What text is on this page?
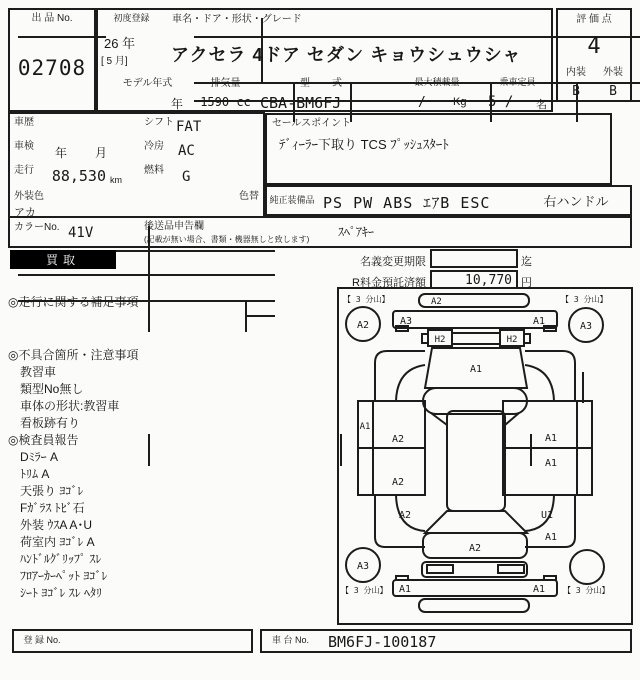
出 品 No.
02708
初度登録	車名・ドア・形状・グレード
26 年
[ 5 月] アクセラ 4ドア セダン キョウシュウシャ
モデル年式	排気量	型　式	最大積載量	乗車定員
年 1590 cc CBA-BM6FJ	/ Kg 5 / 名
評 価 点
4
内装	外装
B	B
車歴	シフト FAT
車検 年　月	冷房 AC
走行	88,530 km
燃料 G
外装色
アカ
色替
セールスポイント
ﾃﾞｨｰﾗｰ下取り TCS ﾌﾟｯｼｭｽﾀｰﾄ
純正装備品 PS PW ABS ｴｱB ESC	右ハンドル
カラーNo. 41V	後送品申告欄
(記載が無い場合、書類・機器無しと致します)
ｽﾍﾟｱｷｰ
買取	名義変更期限	迄
R料金預託済額	10,770 円
◎走行に関する補足事項
◎不具合箇所・注意事項
教習車
類型No無し
車体の形状:教習車
看板跡有り
◎検査員報告
Dﾐﾗｰ A
ﾄﾘﾑ A
天張り ﾖｺﾞﾚ
Fｶﾞﾗｽ ﾄﾋﾞ石
外装 ｳｽA A･U
荷室内 ﾖｺﾞﾚ A
ﾊﾝﾄﾞﾙｸﾞﾘｯﾌﾟ ｽﾚ
ﾌﾛｱｰｶｰﾍﾟｯﾄ ﾖｺﾞﾚ
ｼｰﾄ ﾖｺﾞﾚ ｽﾚ ﾍﾀﾘ
【 3 分山】	【 3 分山】
【 3 分山】	【 3 分山】
A2	A3
A3
A2
A3	A1
H2	H2
A1
A1
A2
A2
A2
A1
A1
U1
A1
A2
A1	A1
登 録 No.	車 台 No.	BM6FJ-100187
